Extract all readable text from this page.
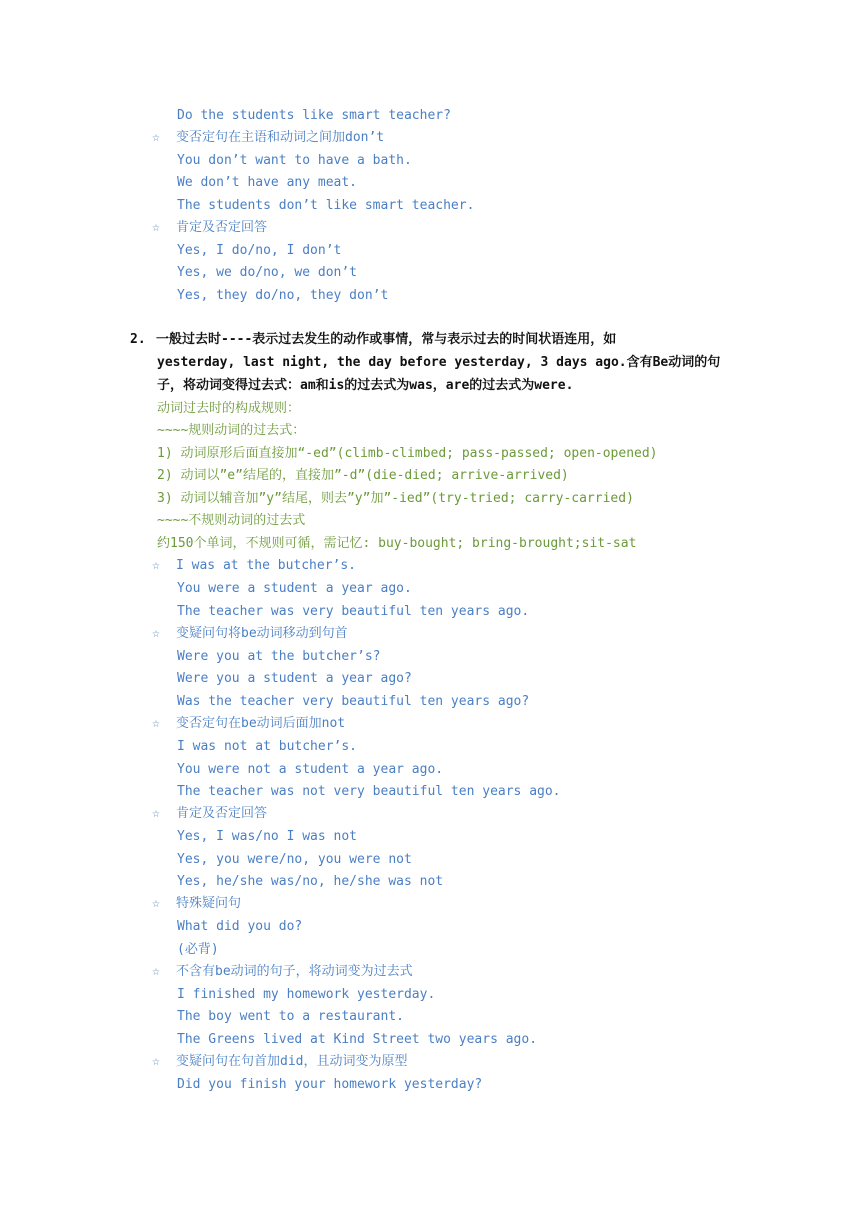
Do the students like smart teacher?
☆ 变否定句在主语和动词之间加don’t
You don’t want to have a bath.
We don’t have any meat.
The students don’t like smart teacher.
☆ 肯定及否定回答
Yes, I do/no, I don’t
Yes, we do/no, we don’t
Yes, they do/no, they don’t
2. 一般过去时----表示过去发生的动作或事情，常与表示过去的时间状语连用，如
yesterday, last night, the day before yesterday, 3 days ago.含有Be动词的句
子，将动词变得过去式：am和is的过去式为was，are的过去式为were.
动词过去时的构成规则：
~~~~规则动词的过去式：
1) 动词原形后面直接加“-ed”(climb-climbed; pass-passed; open-opened)
2) 动词以”e”结尾的，直接加”-d”(die-died; arrive-arrived)
3) 动词以辅音加”y”结尾，则去”y”加”-ied”(try-tried; carry-carried)
~~~~不规则动词的过去式
约150个单词，不规则可循，需记忆: buy-bought; bring-brought;sit-sat
☆ I was at the butcher’s.
You were a student a year ago.
The teacher was very beautiful ten years ago.
☆ 变疑问句将be动词移动到句首
Were you at the butcher’s?
Were you a student a year ago?
Was the teacher very beautiful ten years ago?
☆ 变否定句在be动词后面加not
I was not at butcher’s.
You were not a student a year ago.
The teacher was not very beautiful ten years ago.
☆ 肯定及否定回答
Yes, I was/no I was not
Yes, you were/no, you were not
Yes, he/she was/no, he/she was not
☆ 特殊疑问句
What did you do?
(必背)
☆ 不含有be动词的句子，将动词变为过去式
I finished my homework yesterday.
The boy went to a restaurant.
The Greens lived at Kind Street two years ago.
☆ 变疑问句在句首加did，且动词变为原型
Did you finish your homework yesterday?
